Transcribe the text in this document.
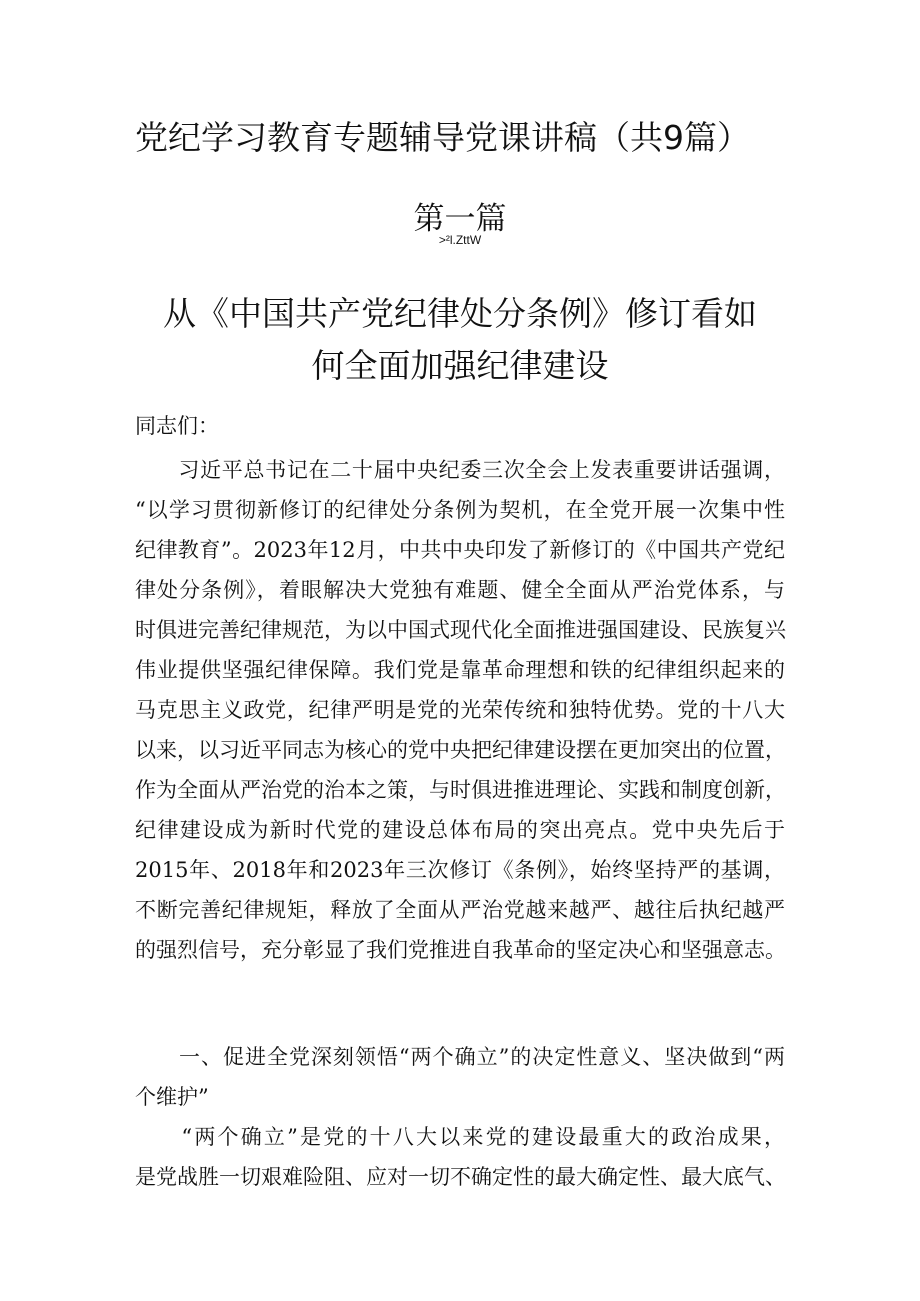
党纪学习教育专题辅导党课讲稿（共9篇）
第一篇
>²l.ZttW
从《中国共产党纪律处分条例》修订看如
何全面加强纪律建设
同志们：
　　习近平总书记在二十届中央纪委三次全会上发表重要讲话强调，
“以学习贯彻新修订的纪律处分条例为契机，在全党开展一次集中性
纪律教育”。2023年12月，中共中央印发了新修订的《中国共产党纪
律处分条例》，着眼解决大党独有难题、健全全面从严治党体系，与
时俱进完善纪律规范，为以中国式现代化全面推进强国建设、民族复兴
伟业提供坚强纪律保障。我们党是靠革命理想和铁的纪律组织起来的
马克思主义政党，纪律严明是党的光荣传统和独特优势。党的十八大
以来，以习近平同志为核心的党中央把纪律建设摆在更加突出的位置，
作为全面从严治党的治本之策，与时俱进推进理论、实践和制度创新，
纪律建设成为新时代党的建设总体布局的突出亮点。党中央先后于
2015年、2018年和2023年三次修订《条例》，始终坚持严的基调，
不断完善纪律规矩，释放了全面从严治党越来越严、越往后执纪越严
的强烈信号，充分彰显了我们党推进自我革命的坚定决心和坚强意志。
　　一、促进全党深刻领悟“两个确立”的决定性意义、坚决做到“两
个维护”
　　“两个确立”是党的十八大以来党的建设最重大的政治成果，
是党战胜一切艰难险阻、应对一切不确定性的最大确定性、最大底气、
